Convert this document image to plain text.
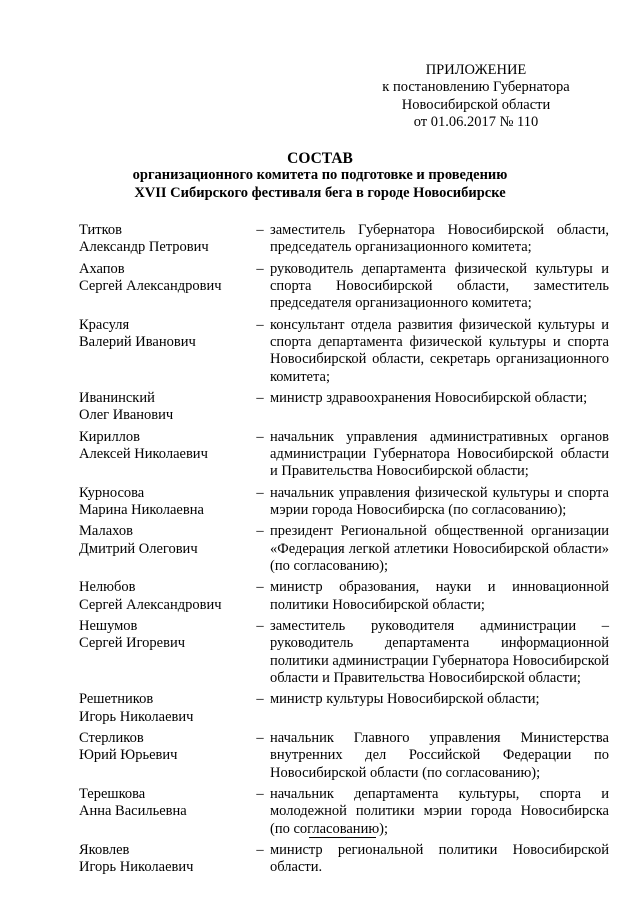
ПРИЛОЖЕНИЕ
к постановлению Губернатора
Новосибирской области
от 01.06.2017 № 110
СОСТАВ
организационного комитета по подготовке и проведению
XVII Сибирского фестиваля бега в городе Новосибирске
Титков
Александр Петрович
– заместитель Губернатора Новосибирской области, председатель организационного комитета;
Ахапов
Сергей Александрович
– руководитель департамента физической культуры и спорта Новосибирской области, заместитель председателя организационного комитета;
Красуля
Валерий Иванович
– консультант отдела развития физической культуры и спорта департамента физической культуры и спорта Новосибирской области, секретарь организационного комитета;
Иванинский
Олег Иванович
– министр здравоохранения Новосибирской области;
Кириллов
Алексей Николаевич
– начальник управления административных органов администрации Губернатора Новосибирской области и Правительства Новосибирской области;
Курносова
Марина Николаевна
– начальник управления физической культуры и спорта мэрии города Новосибирска (по согласованию);
Малахов
Дмитрий Олегович
– президент Региональной общественной организации «Федерация легкой атлетики Новосибирской области» (по согласованию);
Нелюбов
Сергей Александрович
– министр образования, науки и инновационной политики Новосибирской области;
Нешумов
Сергей Игоревич
– заместитель руководителя администрации – руководитель департамента информационной политики администрации Губернатора Новосибирской области и Правительства Новосибирской области;
Решетников
Игорь Николаевич
– министр культуры Новосибирской области;
Стерликов
Юрий Юрьевич
– начальник Главного управления Министерства внутренних дел Российской Федерации по Новосибирской области (по согласованию);
Терешкова
Анна Васильевна
– начальник департамента культуры, спорта и молодежной политики мэрии города Новосибирска (по согласованию);
Яковлев
Игорь Николаевич
– министр региональной политики Новосибирской области.
